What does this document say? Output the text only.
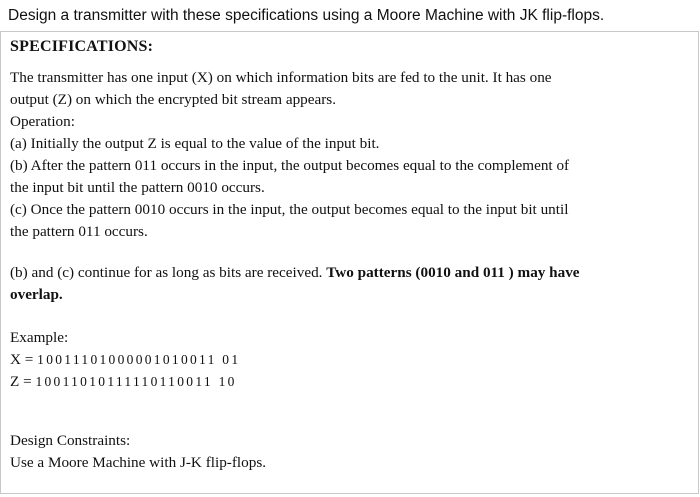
Design a transmitter with these specifications using a Moore Machine with JK flip-flops.
SPECIFICATIONS:
The transmitter has one input (X) on which information bits are fed to the unit. It has one
output (Z) on which the encrypted bit stream appears.
Operation:
(a) Initially the output Z is equal to the value of the input bit.
(b) After the pattern 011 occurs in the input, the output becomes equal to the complement of
the input bit until the pattern 0010 occurs.
(c) Once the pattern 0010 occurs in the input, the output becomes equal to the input bit until
the pattern 011 occurs.
(b) and (c) continue for as long as bits are received. Two patterns (0010 and 011 ) may have
overlap.
Example:
X = 10011101000001010011 01
Z = 10011010111110110011 10
Design Constraints:
Use a Moore Machine with J-K flip-flops.
